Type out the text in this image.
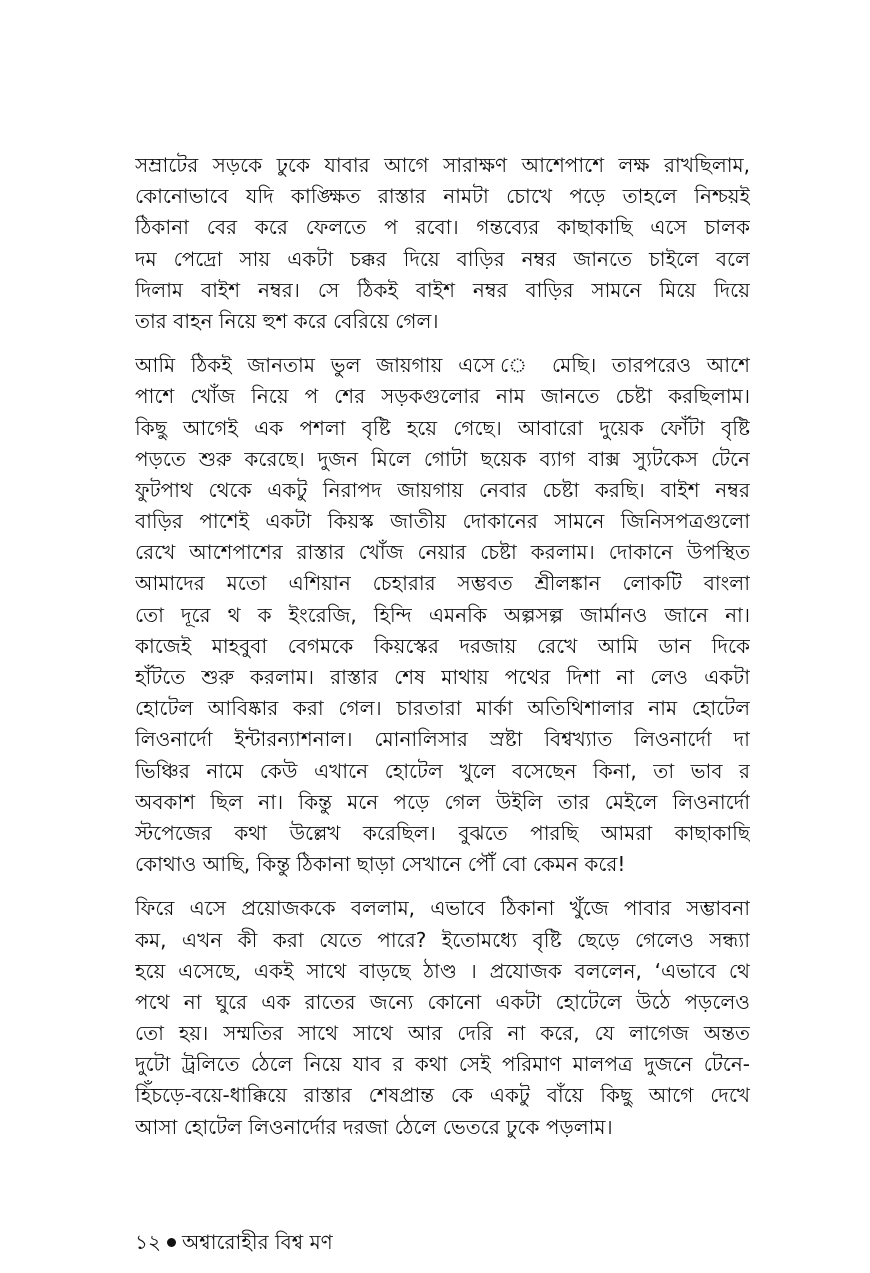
সম্রাটের সড়কে ঢুকে যাবার আগে সারাক্ষণ আশেপাশে লক্ষ রাখছিলাম,
কোনোভাবে যদি কাঙ্ক্ষিত রাস্তার নামটা চোখে পড়ে তাহলে নিশ্চয়ই
ঠিকানা বের করে ফেলতে প রবো। গন্তব্যের কাছাকাছি এসে চালক
দম পেদ্রো সায় একটা চক্কর দিয়ে বাড়ির নম্বর জানতে চাইলে বলে
দিলাম বাইশ নম্বর। সে ঠিকই বাইশ নম্বর বাড়ির সামনে মিয়ে দিয়ে
তার বাহন নিয়ে হুশ করে বেরিয়ে গেল।

আমি ঠিকই জানতাম ভুল জায়গায় এসে ে মেছি। তারপরেও আশে
পাশে খোঁজ নিয়ে প শের সড়কগুলোর নাম জানতে চেষ্টা করছিলাম।
কিছু আগেই এক পশলা বৃষ্টি হয়ে গেছে। আবারো দুয়েক ফোঁটা বৃষ্টি
পড়তে শুরু করেছে। দুজন মিলে গোটা ছয়েক ব্যাগ বাক্স স্যুটকেস টেনে
ফুটপাথ থেকে একটু নিরাপদ জায়গায় নেবার চেষ্টা করছি। বাইশ নম্বর
বাড়ির পাশেই একটা কিয়স্ক জাতীয় দোকানের সামনে জিনিসপত্রগুলো
রেখে আশেপাশের রাস্তার খোঁজ নেয়ার চেষ্টা করলাম। দোকানে উপস্থিত
আমাদের মতো এশিয়ান চেহারার সম্ভবত শ্রীলঙ্কান লোকটি বাংলা
তো দূরে থ ক ইংরেজি, হিন্দি এমনকি অল্পসল্প জার্মানও জানে না।
কাজেই মাহবুবা বেগমকে কিয়স্কের দরজায় রেখে আমি ডান দিকে
হাঁটতে শুরু করলাম। রাস্তার শেষ মাথায় পথের দিশা না লেও একটা
হোটেল আবিষ্কার করা গেল। চারতারা মার্কা অতিথিশালার নাম হোটেল
লিওনার্দো ইন্টারন্যাশনাল। মোনালিসার স্রষ্টা বিশ্বখ্যাত লিওনার্দো দা
ভিঞ্চির নামে কেউ এখানে হোটেল খুলে বসেছেন কিনা, তা ভাব র
অবকাশ ছিল না। কিন্তু মনে পড়ে গেল উইলি তার মেইলে লিওনার্দো
স্টপেজের কথা উল্লেখ করেছিল। বুঝতে পারছি আমরা কাছাকাছি
কোথাও আছি, কিন্তু ঠিকানা ছাড়া সেখানে পৌঁ বো কেমন করে!

ফিরে এসে প্রয়োজককে বললাম, এভাবে ঠিকানা খুঁজে পাবার সম্ভাবনা
কম, এখন কী করা যেতে পারে? ইতোমধ্যে বৃষ্টি ছেড়ে গেলেও সন্ধ্যা
হয়ে এসেছে, একই সাথে বাড়ছে ঠাণ্ড । প্রযোজক বললেন, ‘এভাবে থে
পথে না ঘুরে এক রাতের জন্যে কোনো একটা হোটেলে উঠে পড়লেও
তো হয়। সম্মতির সাথে সাথে আর দেরি না করে, যে লাগেজ অন্তত
দুটো ট্রলিতে ঠেলে নিয়ে যাব র কথা সেই পরিমাণ মালপত্র দুজনে টেনে-
হিঁচড়ে-বয়ে-ধাক্কিয়ে রাস্তার শেষপ্রান্ত কে একটু বাঁয়ে কিছু আগে দেখে
আসা হোটেল লিওনার্দোর দরজা ঠেলে ভেতরে ঢুকে পড়লাম।

১২ অশ্বারোহীর বিশ্ব মণ
